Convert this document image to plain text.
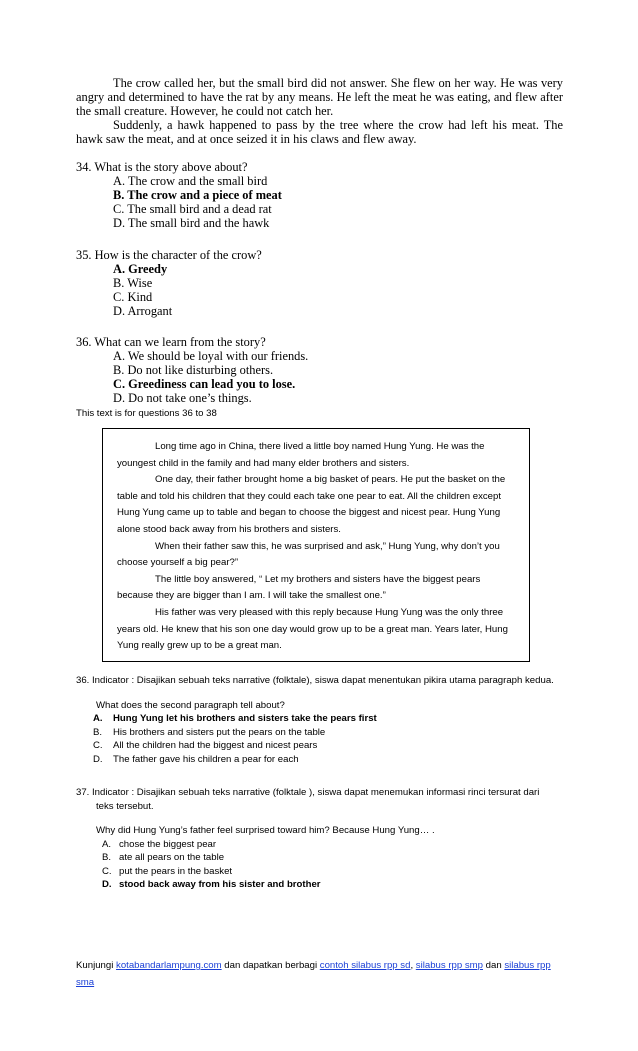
The crow called her, but the small bird did not answer. She flew on her way. He was very angry and determined to have the rat by any means. He left the meat he was eating, and flew after the small creature. However, he could not catch her.

Suddenly, a hawk happened to pass by the tree where the crow had left his meat. The hawk saw the meat, and at once seized it in his claws and flew away.

34. What is the story above about?

A. The crow and the small bird

B. The crow and a piece of meat

C. The small bird and a dead rat

D. The small bird and the hawk

35. How is the character of the crow?

A. Greedy

B. Wise

C. Kind

D. Arrogant

36. What can we learn from the story?

A. We should be loyal with our friends.

B. Do not like disturbing others.

C. Greediness can lead you to lose.

D. Do not take one’s things.

This text is for questions 36 to 38

Long time ago in China, there lived a little boy named Hung Yung. He was the youngest child in the family and had many elder brothers and sisters.

One day, their father brought home a big basket of pears. He put the basket on the table and told his children that they could each take one pear to eat. All the children except Hung Yung came up to table and began to choose the biggest and nicest pear. Hung Yung alone stood back away from his brothers and sisters.

When their father saw this, he was surprised and ask,” Hung Yung, why don’t you choose yourself a big pear?”

The little boy answered, “ Let my brothers and sisters have the biggest pears because they are bigger than I am. I will take the smallest one.”

His father was very pleased with this reply because Hung Yung was the only three years old. He knew that his son one day would grow up to be a great man. Years later, Hung Yung really grew up to be a great man.

36. Indicator : Disajikan sebuah teks narrative (folktale), siswa dapat menentukan pikira utama paragraph kedua.

What does the second paragraph tell about?

A. Hung Yung let his brothers and sisters take the pears first
B. His brothers and sisters put the pears on the table
C. All the children had the biggest and nicest pears
D. The father gave his children a pear for each

37. Indicator : Disajikan sebuah teks narrative (folktale ), siswa dapat menemukan informasi rinci tersurat dari teks tersebut.

Why did Hung Yung’s father feel surprised toward him? Because Hung Yung… .

A. chose the biggest pear
B. ate all pears on the table
C. put the pears in the basket
D. stood back away from his sister and brother
Kunjungi kotabandarlampung.com dan dapatkan berbagi contoh silabus rpp sd, silabus rpp smp dan silabus rpp sma
